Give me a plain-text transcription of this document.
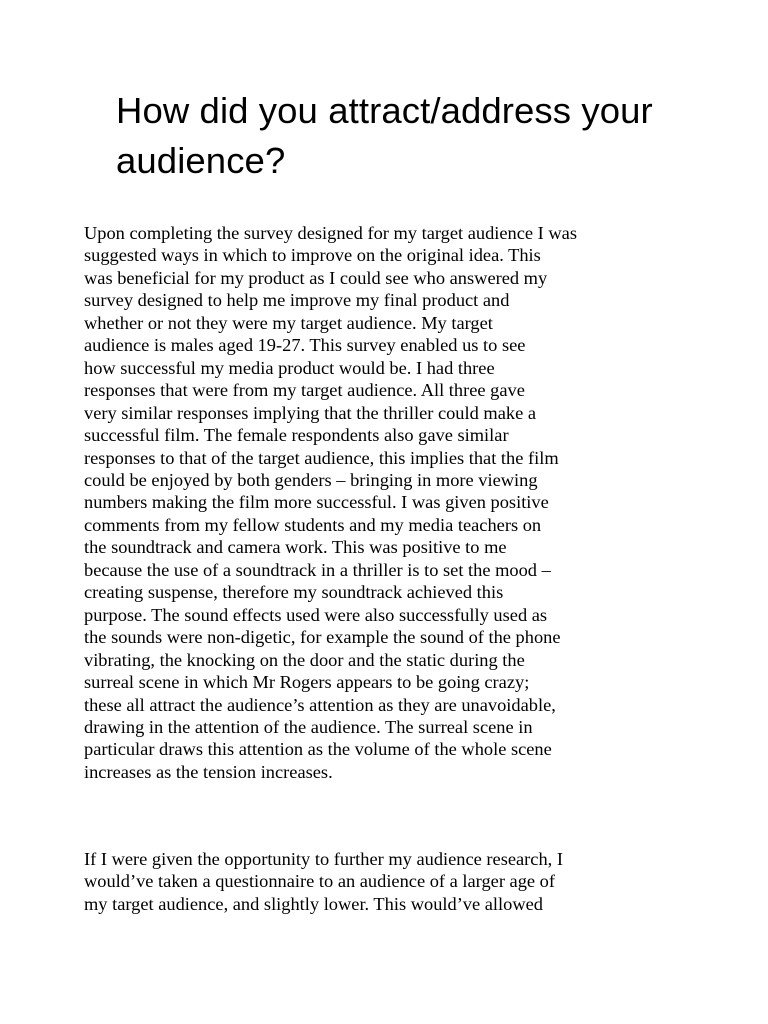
How did you attract/address your audience?

Upon completing the survey designed for my target audience I was
suggested ways in which to improve on the original idea. This
was beneficial for my product as I could see who answered my
survey designed to help me improve my final product and
whether or not they were my target audience. My target
audience is males aged 19-27. This survey enabled us to see
how successful my media product would be. I had three
responses that were from my target audience. All three gave
very similar responses implying that the thriller could make a
successful film. The female respondents also gave similar
responses to that of the target audience, this implies that the film
could be enjoyed by both genders – bringing in more viewing
numbers making the film more successful. I was given positive
comments from my fellow students and my media teachers on
the soundtrack and camera work. This was positive to me
because the use of a soundtrack in a thriller is to set the mood –
creating suspense, therefore my soundtrack achieved this
purpose. The sound effects used were also successfully used as
the sounds were non-digetic, for example the sound of the phone
vibrating, the knocking on the door and the static during the
surreal scene in which Mr Rogers appears to be going crazy;
these all attract the audience’s attention as they are unavoidable,
drawing in the attention of the audience. The surreal scene in
particular draws this attention as the volume of the whole scene
increases as the tension increases.

If I were given the opportunity to further my audience research, I
would’ve taken a questionnaire to an audience of a larger age of
my target audience, and slightly lower. This would’ve allowed
